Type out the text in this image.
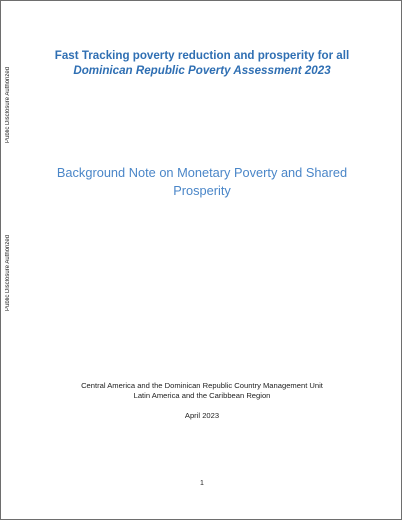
Public Disclosure Authorized
Public Disclosure Authorized
Fast Tracking poverty reduction and prosperity for all
Dominican Republic Poverty Assessment 2023
Background Note on Monetary Poverty and Shared
Prosperity
Central America and the Dominican Republic Country Management Unit
Latin America and the Caribbean Region
April 2023
1
